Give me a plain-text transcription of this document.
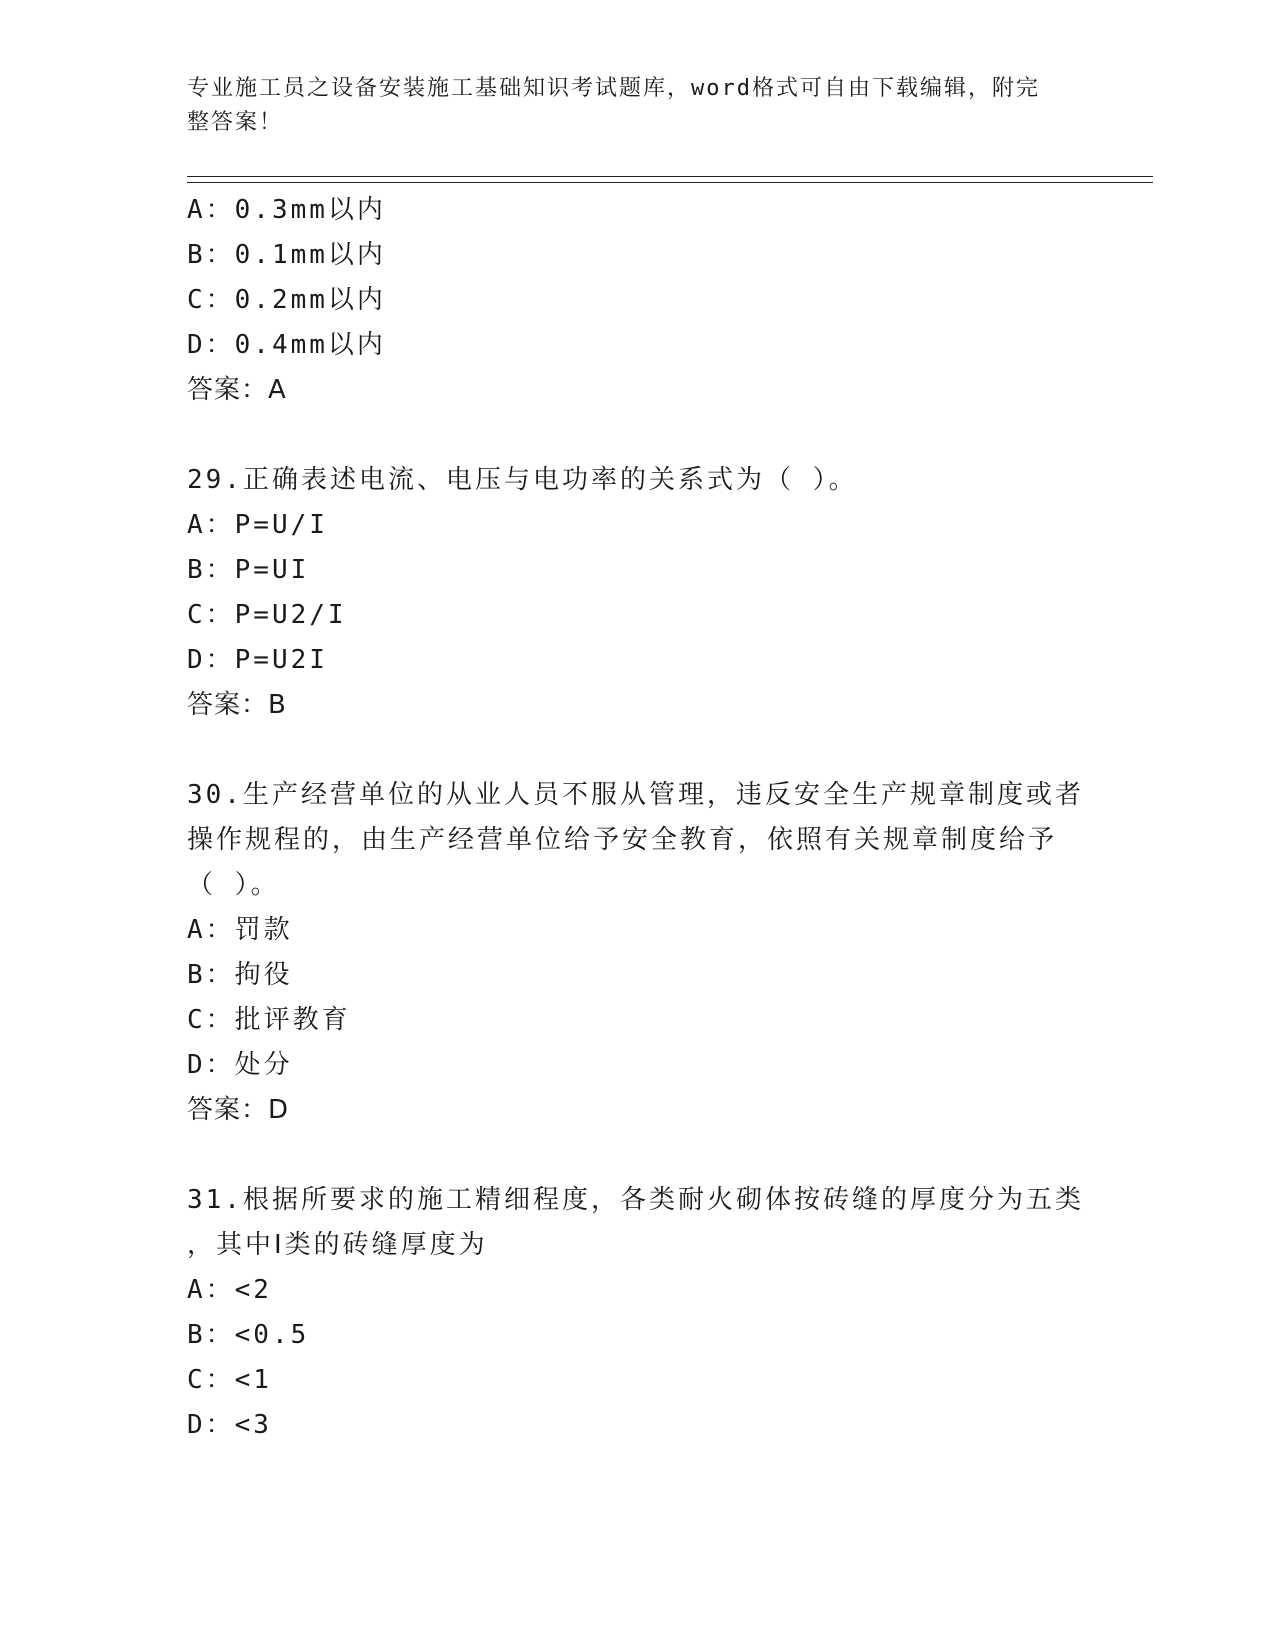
专业施工员之设备安装施工基础知识考试题库，word格式可自由下载编辑，附完
整答案！
A：0.3mm以内
B：0.1mm以内
C：0.2mm以内
D：0.4mm以内
答案：A
29.正确表述电流、电压与电功率的关系式为（ ）。
A：P=U/I
B：P=UI
C：P=U2/I
D：P=U2I
答案：B
30.生产经营单位的从业人员不服从管理，违反安全生产规章制度或者
操作规程的，由生产经营单位给予安全教育，依照有关规章制度给予
（ ）。
A：罚款
B：拘役
C：批评教育
D：处分
答案：D
31.根据所要求的施工精细程度，各类耐火砌体按砖缝的厚度分为五类
，其中Ⅰ类的砖缝厚度为
A：<2
B：<0.5
C：<1
D：<3
